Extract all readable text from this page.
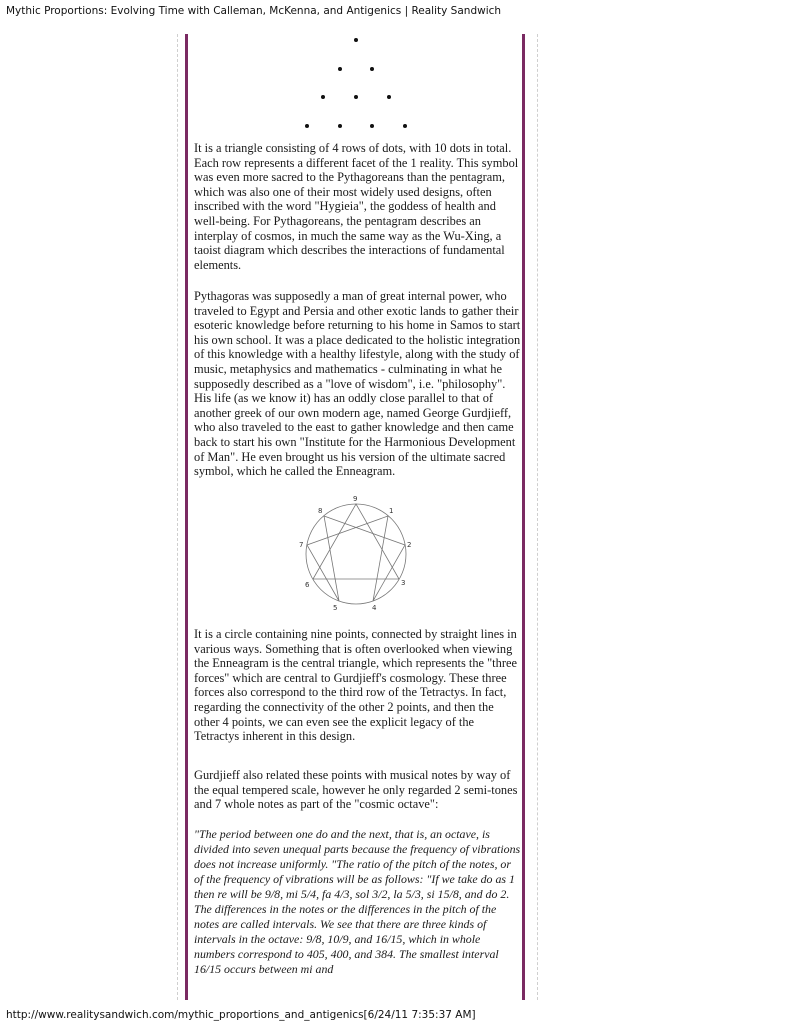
Mythic Proportions: Evolving Time with Calleman, McKenna, and Antigenics | Reality Sandwich

It is a triangle consisting of 4 rows of dots, with 10 dots in total. Each row represents a different facet of the 1 reality. This symbol was even more sacred to the Pythagoreans than the pentagram, which was also one of their most widely used designs, often inscribed with the word "Hygieia", the goddess of health and well-being. For Pythagoreans, the pentagram describes an interplay of cosmos, in much the same way as the Wu-Xing, a taoist diagram which describes the interactions of fundamental elements.

Pythagoras was supposedly a man of great internal power, who traveled to Egypt and Persia and other exotic lands to gather their esoteric knowledge before returning to his home in Samos to start his own school. It was a place dedicated to the holistic integration of this knowledge with a healthy lifestyle, along with the study of music, metaphysics and mathematics - culminating in what he supposedly described as a "love of wisdom", i.e. "philosophy". His life (as we know it) has an oddly close parallel to that of another greek of our own modern age, named George Gurdjieff, who also traveled to the east to gather knowledge and then came back to start his own "Institute for the Harmonious Development of Man". He even brought us his version of the ultimate sacred symbol, which he called the Enneagram.

9
1
2
3
4
5
6
7
8

It is a circle containing nine points, connected by straight lines in various ways. Something that is often overlooked when viewing the Enneagram is the central triangle, which represents the "three forces" which are central to Gurdjieff's cosmology. These three forces also correspond to the third row of the Tetractys. In fact, regarding the connectivity of the other 2 points, and then the other 4 points, we can even see the explicit legacy of the Tetractys inherent in this design.

Gurdjieff also related these points with musical notes by way of the equal tempered scale, however he only regarded 2 semi-tones and 7 whole notes as part of the "cosmic octave":

"The period between one do and the next, that is, an octave, is divided into seven unequal parts because the frequency of vibrations does not increase uniformly. "The ratio of the pitch of the notes, or of the frequency of vibrations will be as follows: "If we take do as 1 then re will be 9/8, mi 5/4, fa 4/3, sol 3/2, la 5/3, si 15/8, and do 2. The differences in the notes or the differences in the pitch of the notes are called intervals. We see that there are three kinds of intervals in the octave: 9/8, 10/9, and 16/15, which in whole numbers correspond to 405, 400, and 384. The smallest interval 16/15 occurs between mi and

http://www.realitysandwich.com/mythic_proportions_and_antigenics[6/24/11 7:35:37 AM]
